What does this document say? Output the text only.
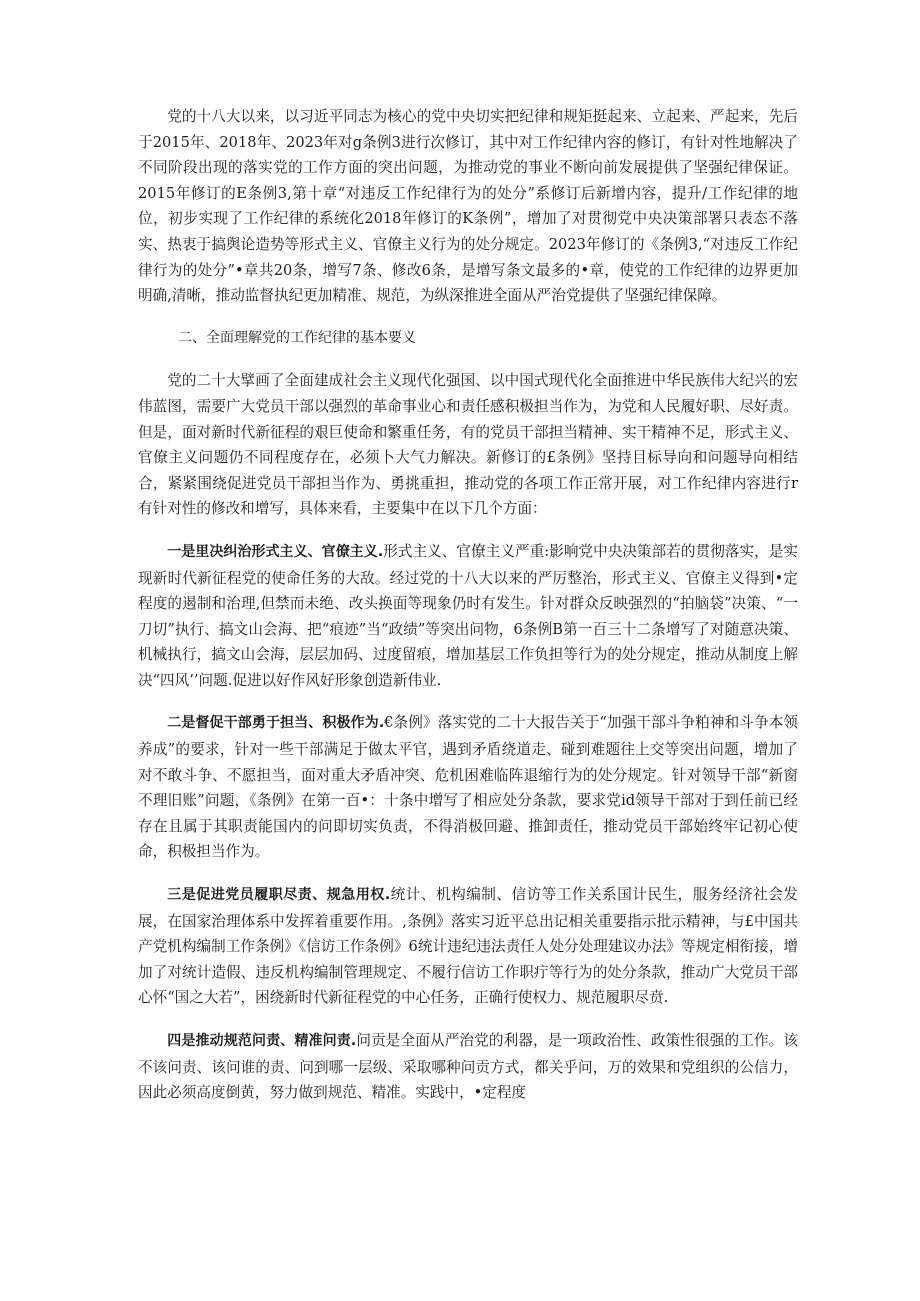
党的十八大以来，以习近平同志为核心的党中央切实把纪律和规矩挺起来、立起来、严起来，先后于2015年、2018年、2023年对g条例3进行次修订，其中对工作纪律内容的修订，有针对性地解决了不同阶段出现的落实党的工作方面的突出问题，为推动党的事业不断向前发展提供了坚强纪律保证。2015年修订的E条例3,第十章“对违反工作纪律行为的处分”系修订后新增内容，提升/工作纪律的地位，初步实现了工作纪律的系统化2018年修订的K条例”，增加了对贯彻党中央决策部署只表态不落实、热衷于搞舆论造势等形式主义、官僚主义行为的处分规定。2023年修订的《条例3,“对违反工作纪律行为的处分”•章共20条，增写7条、修改6条，是增写条文最多的•章，使党的工作纪律的边界更加明确,清晰，推动监督执纪更加精准、规范，为纵深推进全面从严治党提供了坚强纪律保障。

二、全面理解党的工作纪律的基本要义

党的二十大擘画了全面建成社会主义现代化强国、以中国式现代化全面推进中华民族伟大纪兴的宏伟蓝图，需要广大党员干部以强烈的革命事业心和责任感积极担当作为，为党和人民履好职、尽好责。但是，面对新时代新征程的艰巨使命和繁重任务，有的党员干部担当精神、实干精神不足，形式主义、官僚主义问题仍不同程度存在，必须卜大气力解决。新修订的£条例》坚持目标导向和问题导向相结合，紧紧围绕促进党员干部担当作为、勇挑重担，推动党的各项工作正常开展，对工作纪律内容进行r有针对性的修改和增写，具体来看，主要集中在以下几个方面：

一是里决纠治形式主义、官僚主义.形式主义、官僚主义严重:影响党中央决策部若的贯彻落实，是实现新时代新征程党的使命任务的大敌。经过党的十八大以来的严厉整治，形式主义、官僚主义得到•定程度的遏制和治理,但禁而未绝、改头换面等现象仍时有发生。针对群众反映强烈的“拍脑袋”决策、“一刀切”执行、搞文山会海、把“痕迹”当“政绩”等突出问物，6条例B第一百三十二条增写了对随意决策、机械执行，搞文山会海，层层加码、过度留痕，增加基层工作负担等行为的处分规定，推动从制度上解决“四风’’问题.促进以好作风好形象创造新伟业.

二是督促干部勇于担当、积极作为.€条例》落实党的二十大报告关于“加强干部斗争粕神和斗争本领养成”的要求，针对一些干部满足于做太平官，遇到矛盾绕道走、碰到难题往上交等突出问题，增加了对不敢斗争、不愿担当，面对重大矛盾冲突、危机困难临阵退缩行为的处分规定。针对领导干部“新窗不理旧账”问题，《条例》在第一百•：十条中增写了相应处分条款，要求党id领导干部对于到任前已经存在且属于其职责能国内的问即切实负责，不得消极回避、推卸责任，推动党员干部始终牢记初心使命，积极担当作为。

三是促进党员履职尽责、规急用权.统计、机构编制、信访等工作关系国计民生，服务经济社会发展，在国家治理体系中发挥着重要作用。,条例》落实习近平总出记相关重要指示批示精神，与£中国共产党机构编制工作条例》《信访工作条例》6统计违纪违法责任人处分处理建议办法》等规定相衔接，增加了对统计造假、违反机构编制管理规定、不履行信访工作职疔等行为的处分条款，推动广大党员干部心怀“国之大若”，困绕新时代新征程党的中心任务，正确行使权力、规范履职尽贲.

四是推动规范问责、精准问责.问贡是全面从严治党的利器，是一项政治性、政策性很强的工作。该不该问责、该问谁的责、问到哪一层级、采取哪种问贡方式，都关乎问，万的效果和党组织的公信力，因此必须高度倒黄，努力做到规范、精准。实践中，•定程度
